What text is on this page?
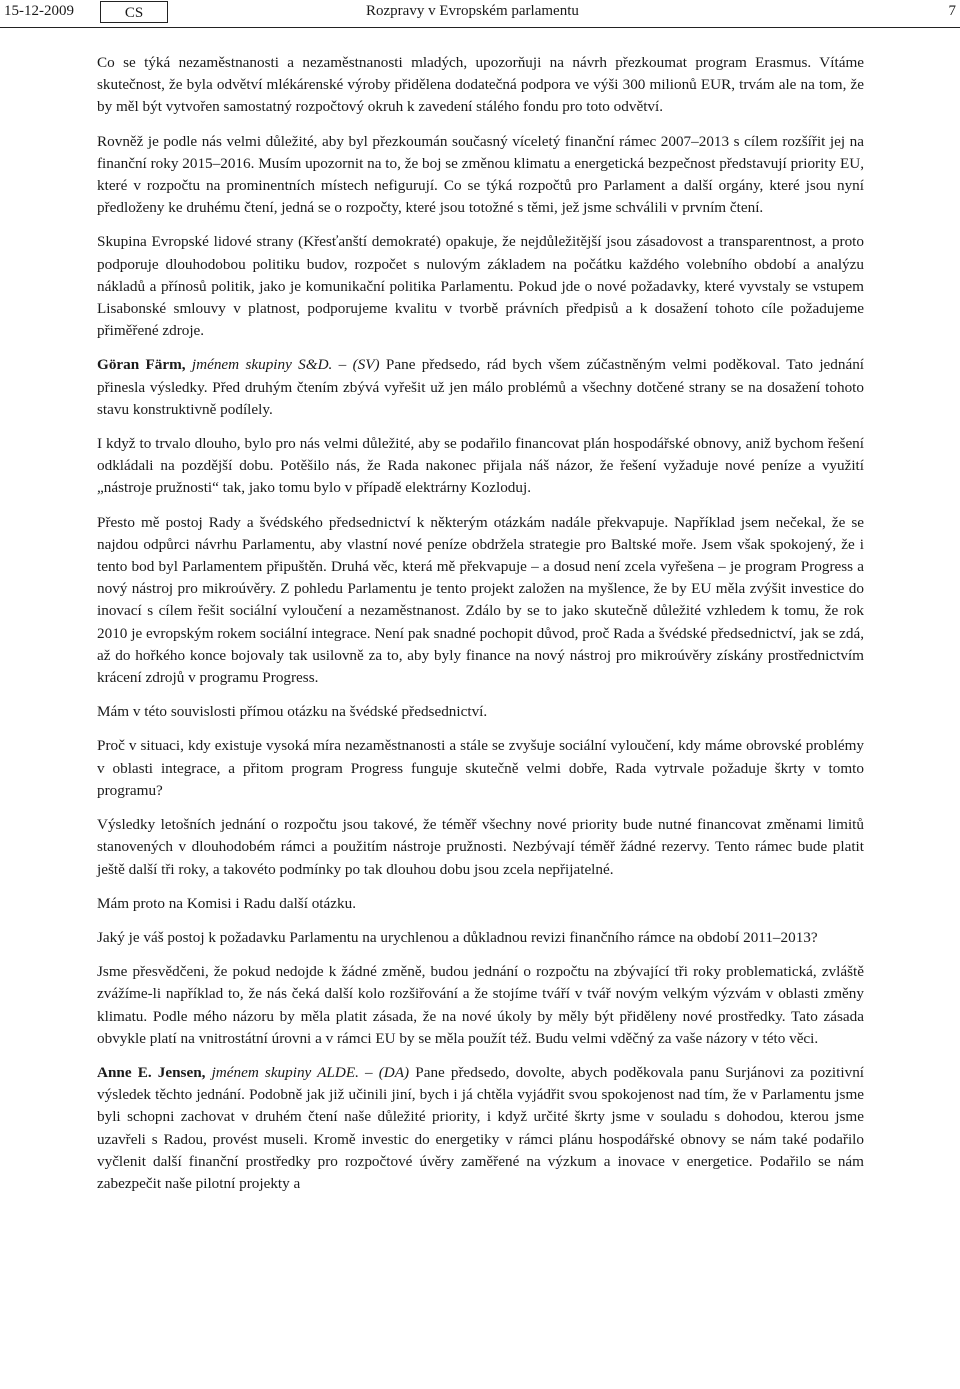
15-12-2009	CS	Rozpravy v Evropském parlamentu	7

Co se týká nezaměstnanosti a nezaměstnanosti mladých, upozorňuji na návrh přezkoumat program Erasmus. Vítáme skutečnost, že byla odvětví mlékárenské výroby přidělena dodatečná podpora ve výši 300 milionů EUR, trvám ale na tom, že by měl být vytvořen samostatný rozpočtový okruh k zavedení stálého fondu pro toto odvětví.

Rovněž je podle nás velmi důležité, aby byl přezkoumán současný víceletý finanční rámec 2007–2013 s cílem rozšířit jej na finanční roky 2015–2016. Musím upozornit na to, že boj se změnou klimatu a energetická bezpečnost představují priority EU, které v rozpočtu na prominentních místech nefigurují. Co se týká rozpočtů pro Parlament a další orgány, které jsou nyní předloženy ke druhému čtení, jedná se o rozpočty, které jsou totožné s těmi, jež jsme schválili v prvním čtení.

Skupina Evropské lidové strany (Křesťanští demokraté) opakuje, že nejdůležitější jsou zásadovost a transparentnost, a proto podporuje dlouhodobou politiku budov, rozpočet s nulovým základem na počátku každého volebního období a analýzu nákladů a přínosů politik, jako je komunikační politika Parlamentu. Pokud jde o nové požadavky, které vyvstaly se vstupem Lisabonské smlouvy v platnost, podporujeme kvalitu v tvorbě právních předpisů a k dosažení tohoto cíle požadujeme přiměřené zdroje.

Göran Färm, jménem skupiny S&D. – (SV) Pane předsedo, rád bych všem zúčastněným velmi poděkoval. Tato jednání přinesla výsledky. Před druhým čtením zbývá vyřešit už jen málo problémů a všechny dotčené strany se na dosažení tohoto stavu konstruktivně podílely.

I když to trvalo dlouho, bylo pro nás velmi důležité, aby se podařilo financovat plán hospodářské obnovy, aniž bychom řešení odkládali na pozdější dobu. Potěšilo nás, že Rada nakonec přijala náš názor, že řešení vyžaduje nové peníze a využití „nástroje pružnosti“ tak, jako tomu bylo v případě elektrárny Kozloduj.

Přesto mě postoj Rady a švédského předsednictví k některým otázkám nadále překvapuje. Například jsem nečekal, že se najdou odpůrci návrhu Parlamentu, aby vlastní nové peníze obdržela strategie pro Baltské moře. Jsem však spokojený, že i tento bod byl Parlamentem připuštěn. Druhá věc, která mě překvapuje – a dosud není zcela vyřešena – je program Progress a nový nástroj pro mikroúvěry. Z pohledu Parlamentu je tento projekt založen na myšlence, že by EU měla zvýšit investice do inovací s cílem řešit sociální vyloučení a nezaměstnanost. Zdálo by se to jako skutečně důležité vzhledem k tomu, že rok 2010 je evropským rokem sociální integrace. Není pak snadné pochopit důvod, proč Rada a švédské předsednictví, jak se zdá, až do hořkého konce bojovaly tak usilovně za to, aby byly finance na nový nástroj pro mikroúvěry získány prostřednictvím krácení zdrojů v programu Progress.

Mám v této souvislosti přímou otázku na švédské předsednictví.

Proč v situaci, kdy existuje vysoká míra nezaměstnanosti a stále se zvyšuje sociální vyloučení, kdy máme obrovské problémy v oblasti integrace, a přitom program Progress funguje skutečně velmi dobře, Rada vytrvale požaduje škrty v tomto programu?

Výsledky letošních jednání o rozpočtu jsou takové, že téměř všechny nové priority bude nutné financovat změnami limitů stanovených v dlouhodobém rámci a použitím nástroje pružnosti. Nezbývají téměř žádné rezervy. Tento rámec bude platit ještě další tři roky, a takovéto podmínky po tak dlouhou dobu jsou zcela nepřijatelné.

Mám proto na Komisi i Radu další otázku.

Jaký je váš postoj k požadavku Parlamentu na urychlenou a důkladnou revizi finančního rámce na období 2011–2013?

Jsme přesvědčeni, že pokud nedojde k žádné změně, budou jednání o rozpočtu na zbývající tři roky problematická, zvláště zvážíme-li například to, že nás čeká další kolo rozšiřování a že stojíme tváří v tvář novým velkým výzvám v oblasti změny klimatu. Podle mého názoru by měla platit zásada, že na nové úkoly by měly být přiděleny nové prostředky. Tato zásada obvykle platí na vnitrostátní úrovni a v rámci EU by se měla použít též. Budu velmi vděčný za vaše názory v této věci.

Anne E. Jensen, jménem skupiny ALDE. – (DA) Pane předsedo, dovolte, abych poděkovala panu Surjánovi za pozitivní výsledek těchto jednání. Podobně jak již učinili jiní, bych i já chtěla vyjádřit svou spokojenost nad tím, že v Parlamentu jsme byli schopni zachovat v druhém čtení naše důležité priority, i když určité škrty jsme v souladu s dohodou, kterou jsme uzavřeli s Radou, provést museli. Kromě investic do energetiky v rámci plánu hospodářské obnovy se nám také podařilo vyčlenit další finanční prostředky pro rozpočtové úvěry zaměřené na výzkum a inovace v energetice. Podařilo se nám zabezpečit naše pilotní projekty a
